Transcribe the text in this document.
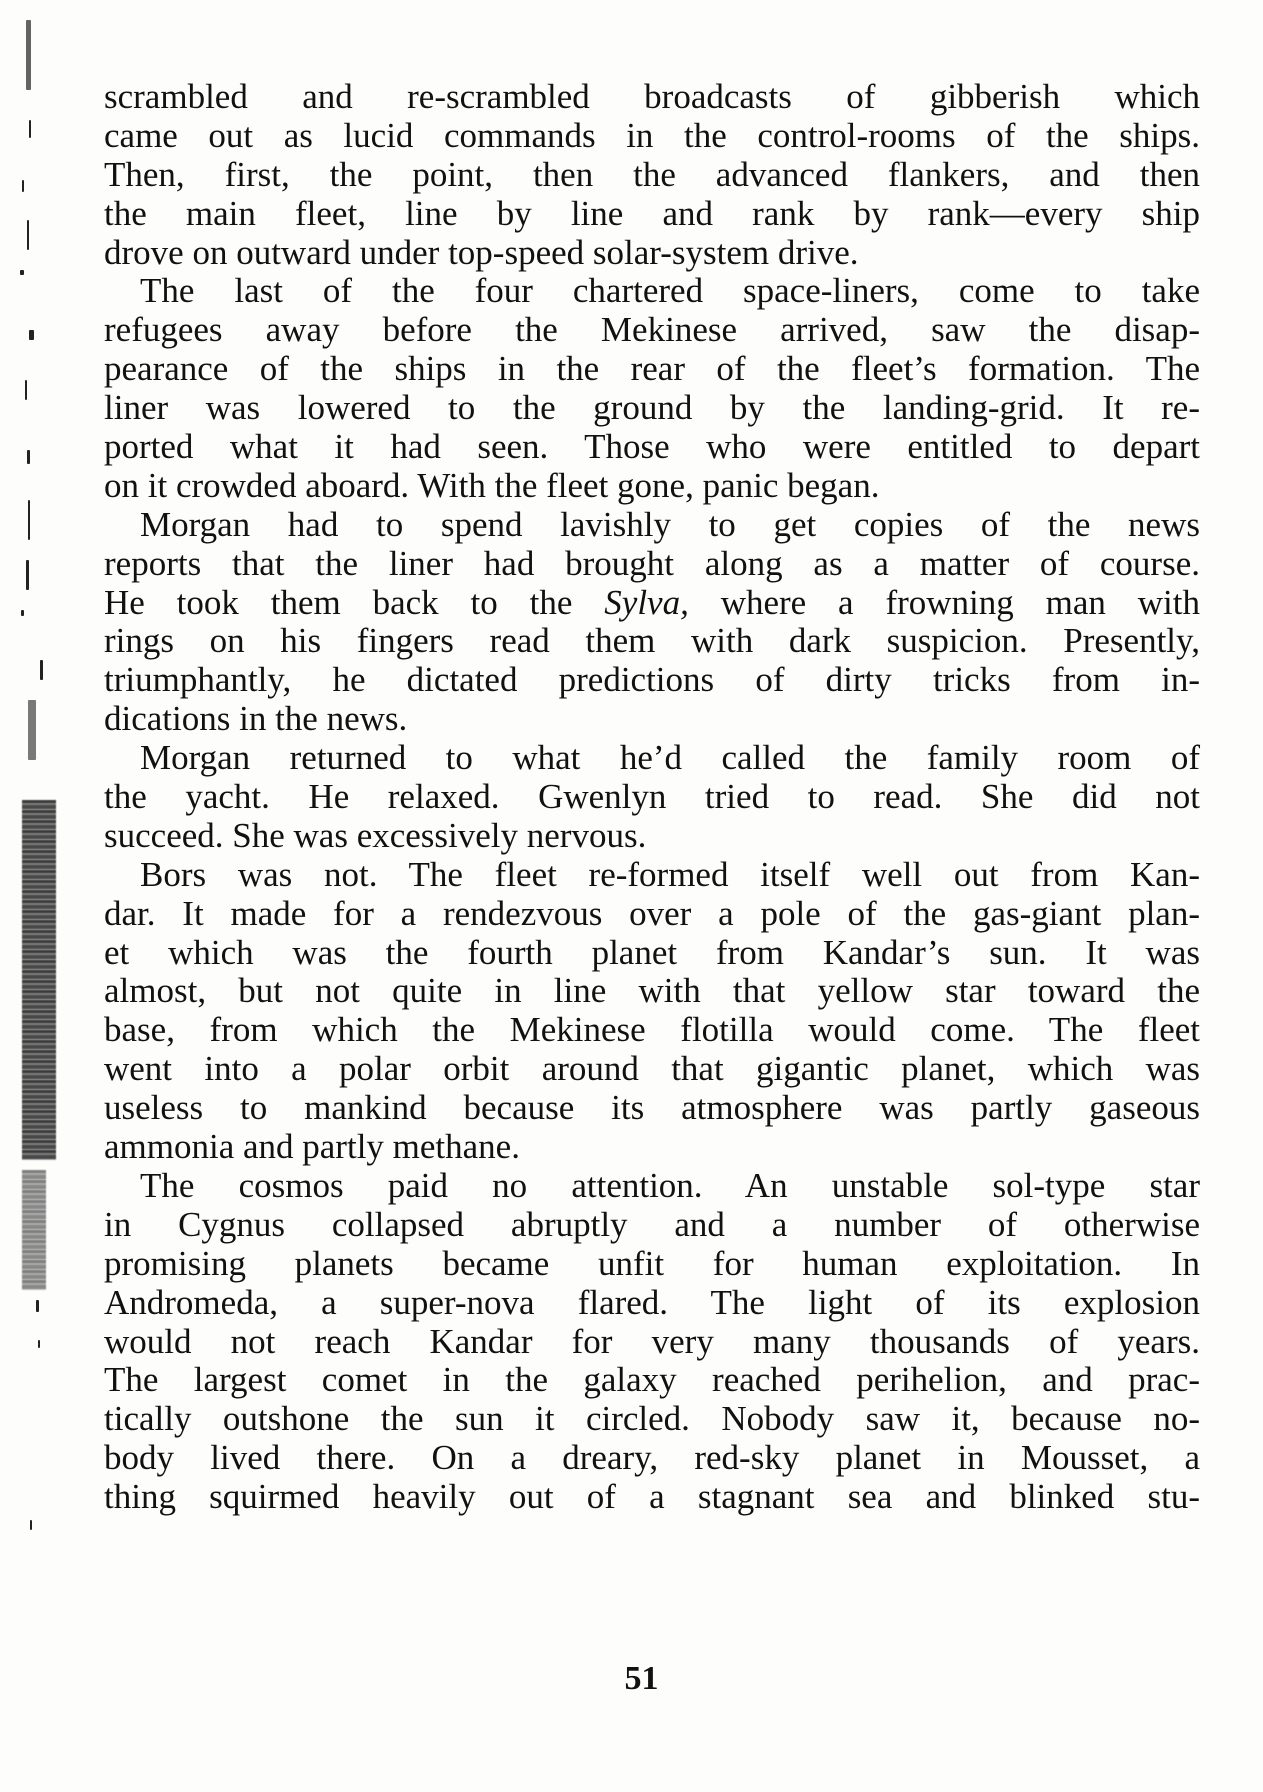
scrambled and re-scrambled broadcasts of gibberish which
came out as lucid commands in the control-rooms of the ships.
Then, first, the point, then the advanced flankers, and then
the main fleet, line by line and rank by rank—every ship
drove on outward under top-speed solar-system drive.
The last of the four chartered space-liners, come to take
refugees away before the Mekinese arrived, saw the disap-
pearance of the ships in the rear of the fleet’s formation. The
liner was lowered to the ground by the landing-grid. It re-
ported what it had seen. Those who were entitled to depart
on it crowded aboard. With the fleet gone, panic began.
Morgan had to spend lavishly to get copies of the news
reports that the liner had brought along as a matter of course.
He took them back to the Sylva, where a frowning man with
rings on his fingers read them with dark suspicion. Presently,
triumphantly, he dictated predictions of dirty tricks from in-
dications in the news.
Morgan returned to what he’d called the family room of
the yacht. He relaxed. Gwenlyn tried to read. She did not
succeed. She was excessively nervous.
Bors was not. The fleet re-formed itself well out from Kan-
dar. It made for a rendezvous over a pole of the gas-giant plan-
et which was the fourth planet from Kandar’s sun. It was
almost, but not quite in line with that yellow star toward the
base, from which the Mekinese flotilla would come. The fleet
went into a polar orbit around that gigantic planet, which was
useless to mankind because its atmosphere was partly gaseous
ammonia and partly methane.
The cosmos paid no attention. An unstable sol-type star
in Cygnus collapsed abruptly and a number of otherwise
promising planets became unfit for human exploitation. In
Andromeda, a super-nova flared. The light of its explosion
would not reach Kandar for very many thousands of years.
The largest comet in the galaxy reached perihelion, and prac-
tically outshone the sun it circled. Nobody saw it, because no-
body lived there. On a dreary, red-sky planet in Mousset, a
thing squirmed heavily out of a stagnant sea and blinked stu-
51
